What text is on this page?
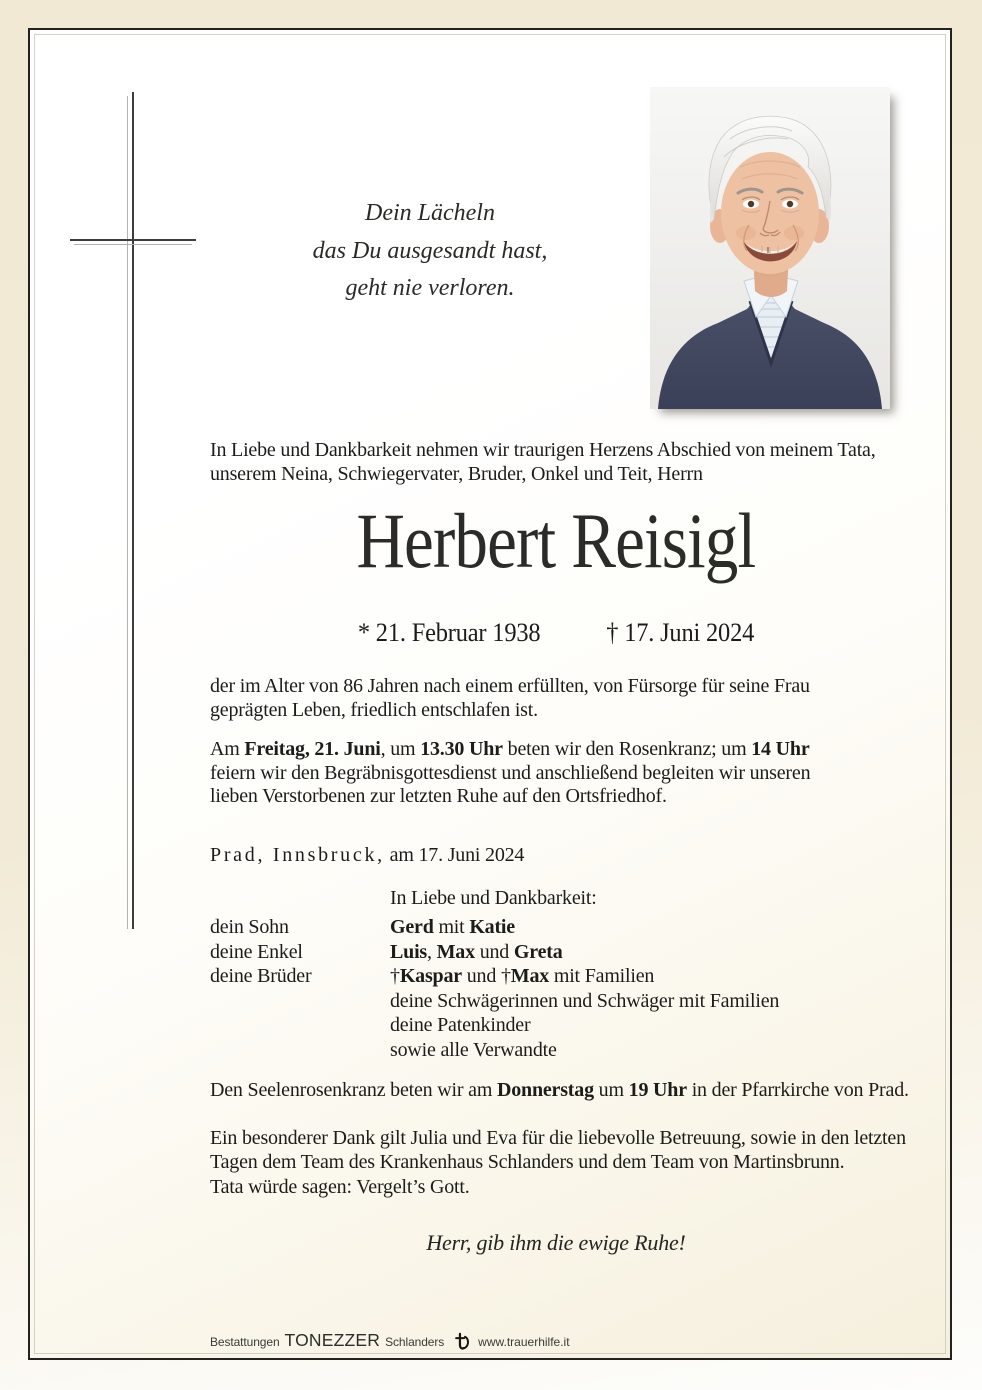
Dein Lächeln
das Du ausgesandt hast,
geht nie verloren.
In Liebe und Dankbarkeit nehmen wir traurigen Herzens Abschied von meinem Tata,
unserem Neina, Schwiegervater, Bruder, Onkel und Teit, Herrn
Herbert Reisigl
* 21. Februar 1938	† 17. Juni 2024
der im Alter von 86 Jahren nach einem erfüllten, von Fürsorge für seine Frau
geprägten Leben, friedlich entschlafen ist.
Am Freitag, 21. Juni, um 13.30 Uhr beten wir den Rosenkranz; um 14 Uhr
feiern wir den Begräbnisgottesdienst und anschließend begleiten wir unseren
lieben Verstorbenen zur letzten Ruhe auf den Ortsfriedhof.
Prad, Innsbruck, am 17. Juni 2024
In Liebe und Dankbarkeit:
dein Sohn	Gerd mit Katie
deine Enkel	Luis, Max und Greta
deine Brüder	†Kaspar und †Max mit Familien
deine Schwägerinnen und Schwäger mit Familien
deine Patenkinder
sowie alle Verwandte
Den Seelenrosenkranz beten wir am Donnerstag um 19 Uhr in der Pfarrkirche von Prad.
Ein besonderer Dank gilt Julia und Eva für die liebevolle Betreuung, sowie in den letzten
Tagen dem Team des Krankenhaus Schlanders und dem Team von Martinsbrunn.
Tata würde sagen: Vergelt’s Gott.
Herr, gib ihm die ewige Ruhe!
Bestattungen TONEZZER Schlanders	www.trauerhilfe.it
